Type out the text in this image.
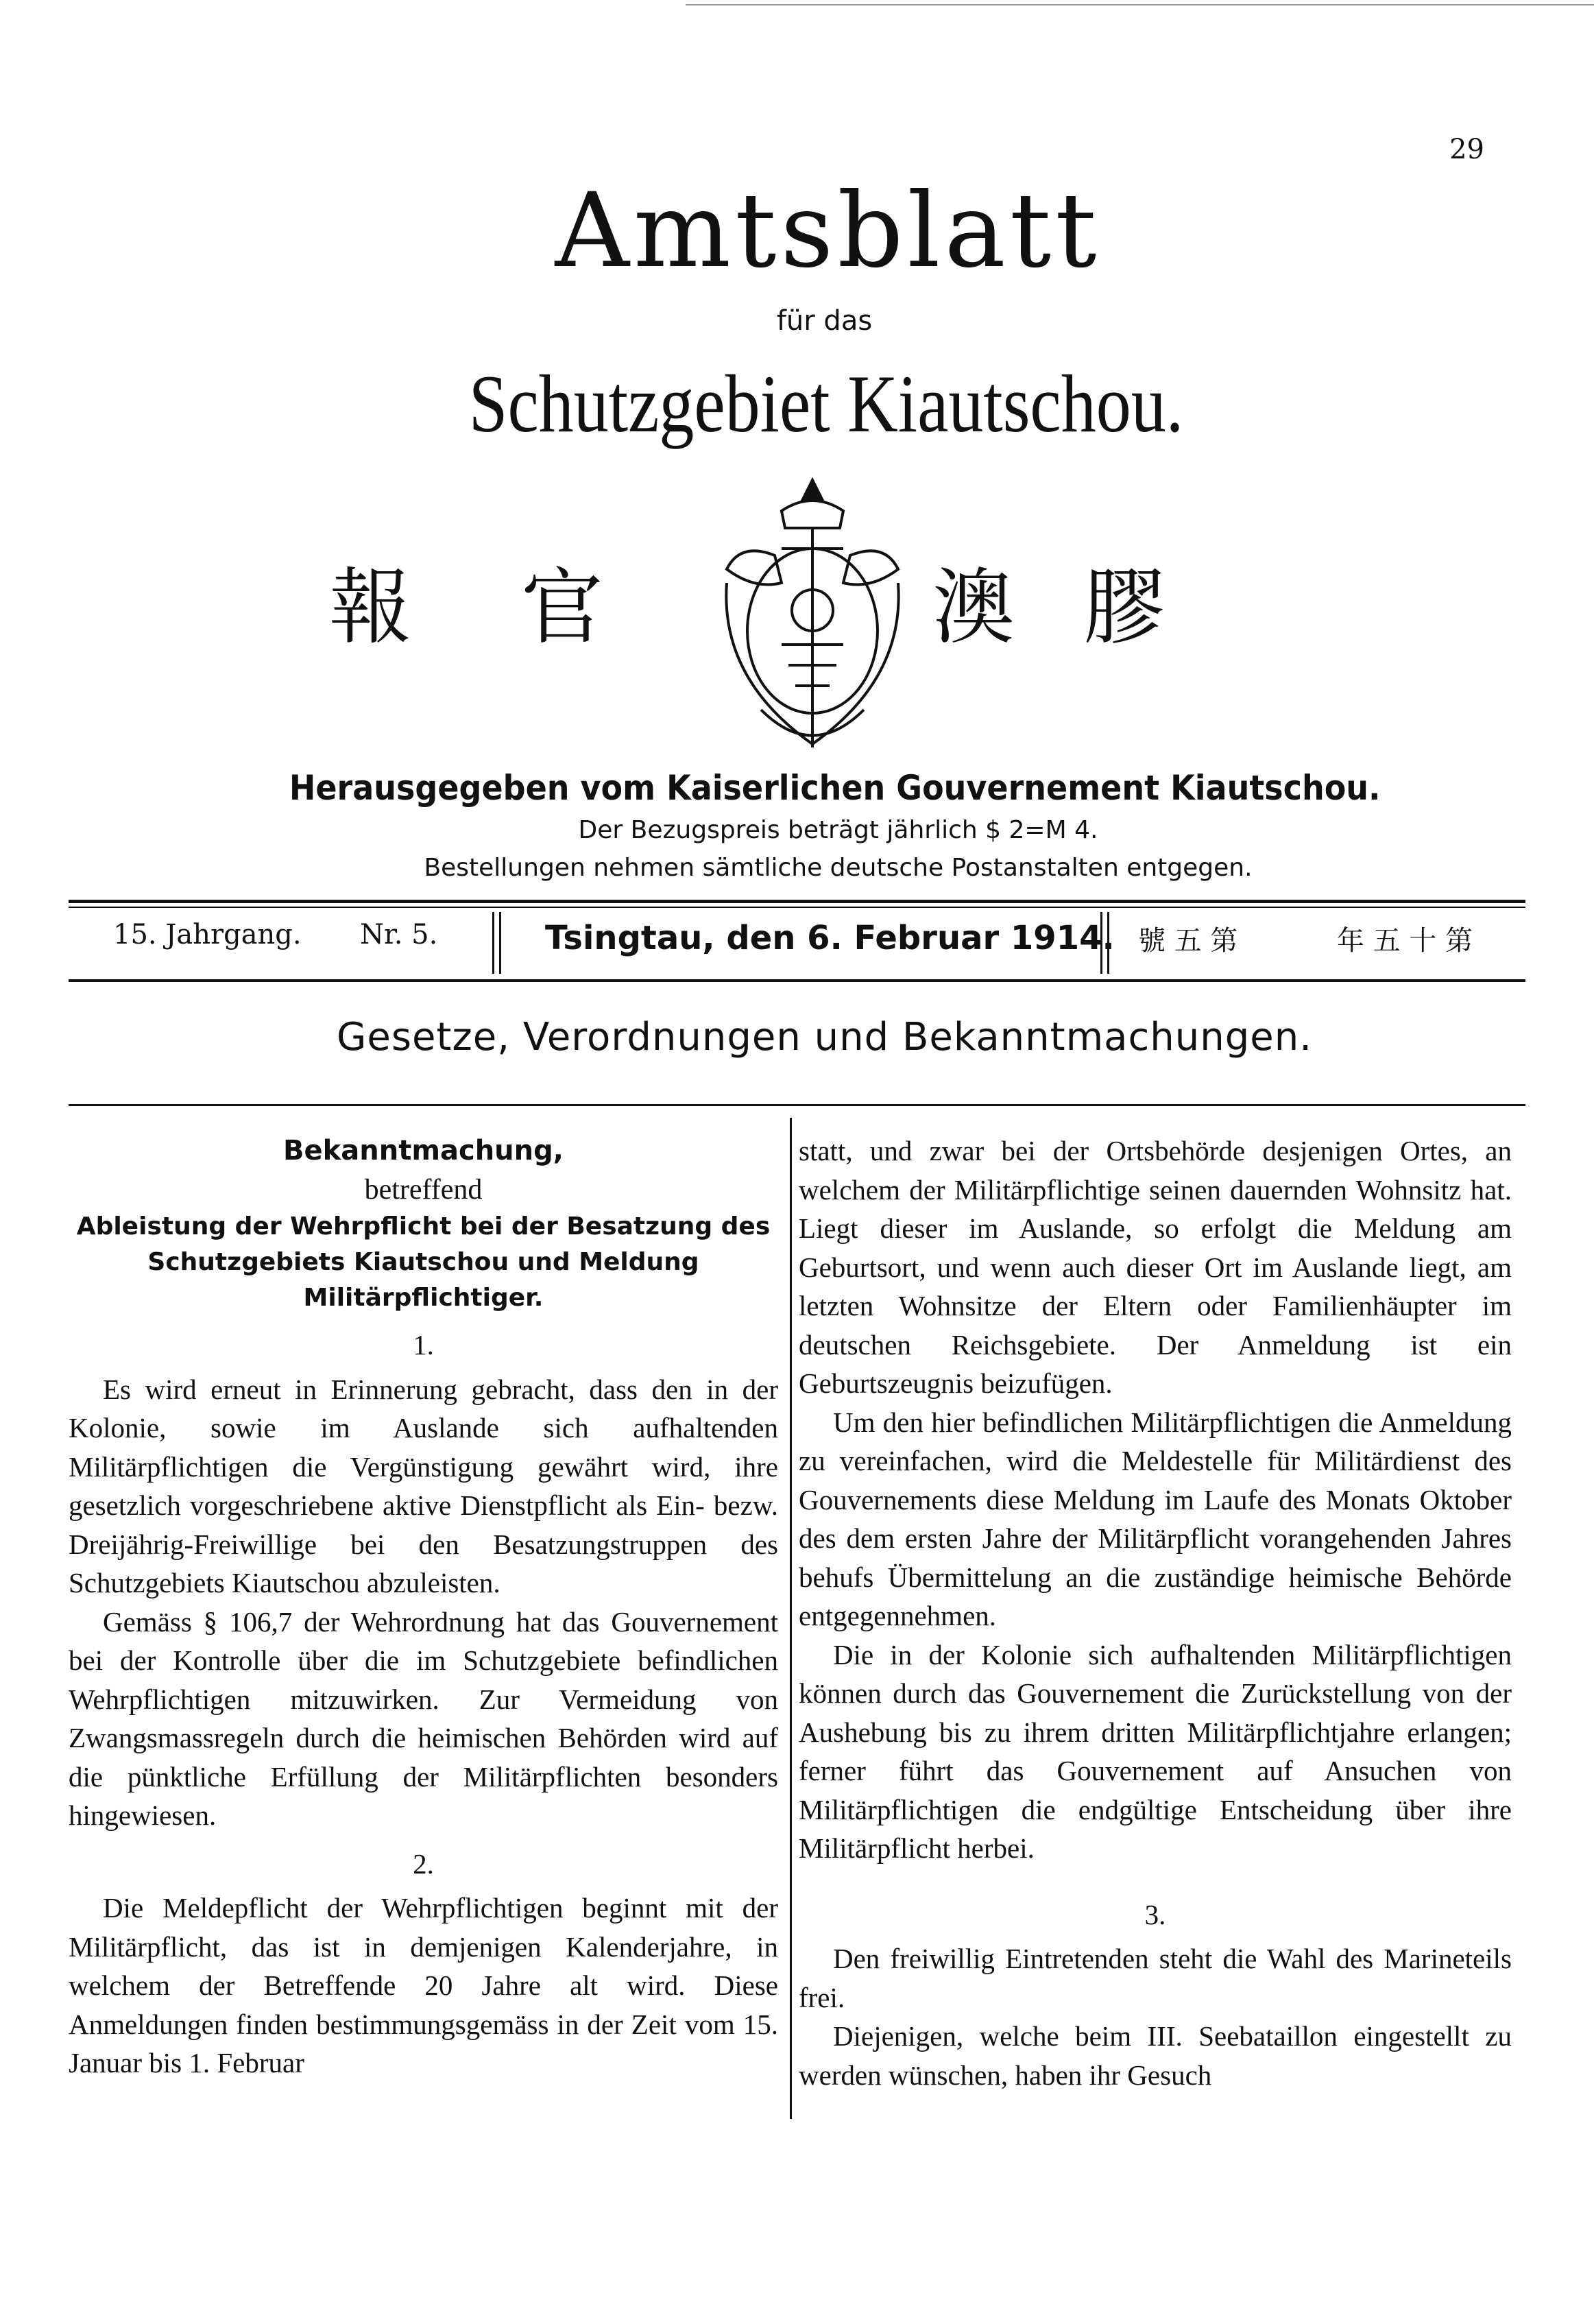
29
Amtsblatt
für das
Schutzgebiet Kiautschou.
報 官	澳 膠
Herausgegeben vom Kaiserlichen Gouvernement Kiautschou.
Der Bezugspreis beträgt jährlich $ 2=M 4.
Bestellungen nehmen sämtliche deutsche Postanstalten entgegen.
15. Jahrgang. Nr. 5.	Tsingtau, den 6. Februar 1914. 號 五 第	年 五 十 第
Gesetze, Verordnungen und Bekanntmachungen.

Bekanntmachung,

betreffend

Ableistung der Wehrpflicht bei der Besatzung des Schutzgebiets Kiautschou und Meldung Militärpflichtiger.

1.

Es wird erneut in Erinnerung gebracht, dass den in der Kolonie, sowie im Auslande sich aufhaltenden Militärpflichtigen die Vergünstigung gewährt wird, ihre gesetzlich vorgeschriebene aktive Dienstpflicht als Ein- bezw. Dreijährig-Freiwillige bei den Besatzungstruppen des Schutzgebiets Kiautschou abzuleisten.

Gemäss § 106,7 der Wehrordnung hat das Gouvernement bei der Kontrolle über die im Schutzgebiete befindlichen Wehrpflichtigen mitzuwirken. Zur Vermeidung von Zwangsmassregeln durch die heimischen Behörden wird auf die pünktliche Erfüllung der Militärpflichten besonders hingewiesen.

2.

Die Meldepflicht der Wehrpflichtigen beginnt mit der Militärpflicht, das ist in demjenigen Kalenderjahre, in welchem der Betreffende 20 Jahre alt wird. Diese Anmeldungen finden bestimmungsgemäss in der Zeit vom 15. Januar bis 1. Februar

statt, und zwar bei der Ortsbehörde desjenigen Ortes, an welchem der Militärpflichtige seinen dauernden Wohnsitz hat. Liegt dieser im Auslande, so erfolgt die Meldung am Geburtsort, und wenn auch dieser Ort im Auslande liegt, am letzten Wohnsitze der Eltern oder Familienhäupter im deutschen Reichsgebiete. Der Anmeldung ist ein Geburtszeugnis beizufügen.

Um den hier befindlichen Militärpflichtigen die Anmeldung zu vereinfachen, wird die Meldestelle für Militärdienst des Gouvernements diese Meldung im Laufe des Monats Oktober des dem ersten Jahre der Militärpflicht vorangehenden Jahres behufs Übermittelung an die zuständige heimische Behörde entgegennehmen.

Die in der Kolonie sich aufhaltenden Militärpflichtigen können durch das Gouvernement die Zurückstellung von der Aushebung bis zu ihrem dritten Militärpflichtjahre erlangen; ferner führt das Gouvernement auf Ansuchen von Militärpflichtigen die endgültige Entscheidung über ihre Militärpflicht herbei.

3.

Den freiwillig Eintretenden steht die Wahl des Marineteils frei.

Diejenigen, welche beim III. Seebataillon eingestellt zu werden wünschen, haben ihr Gesuch
